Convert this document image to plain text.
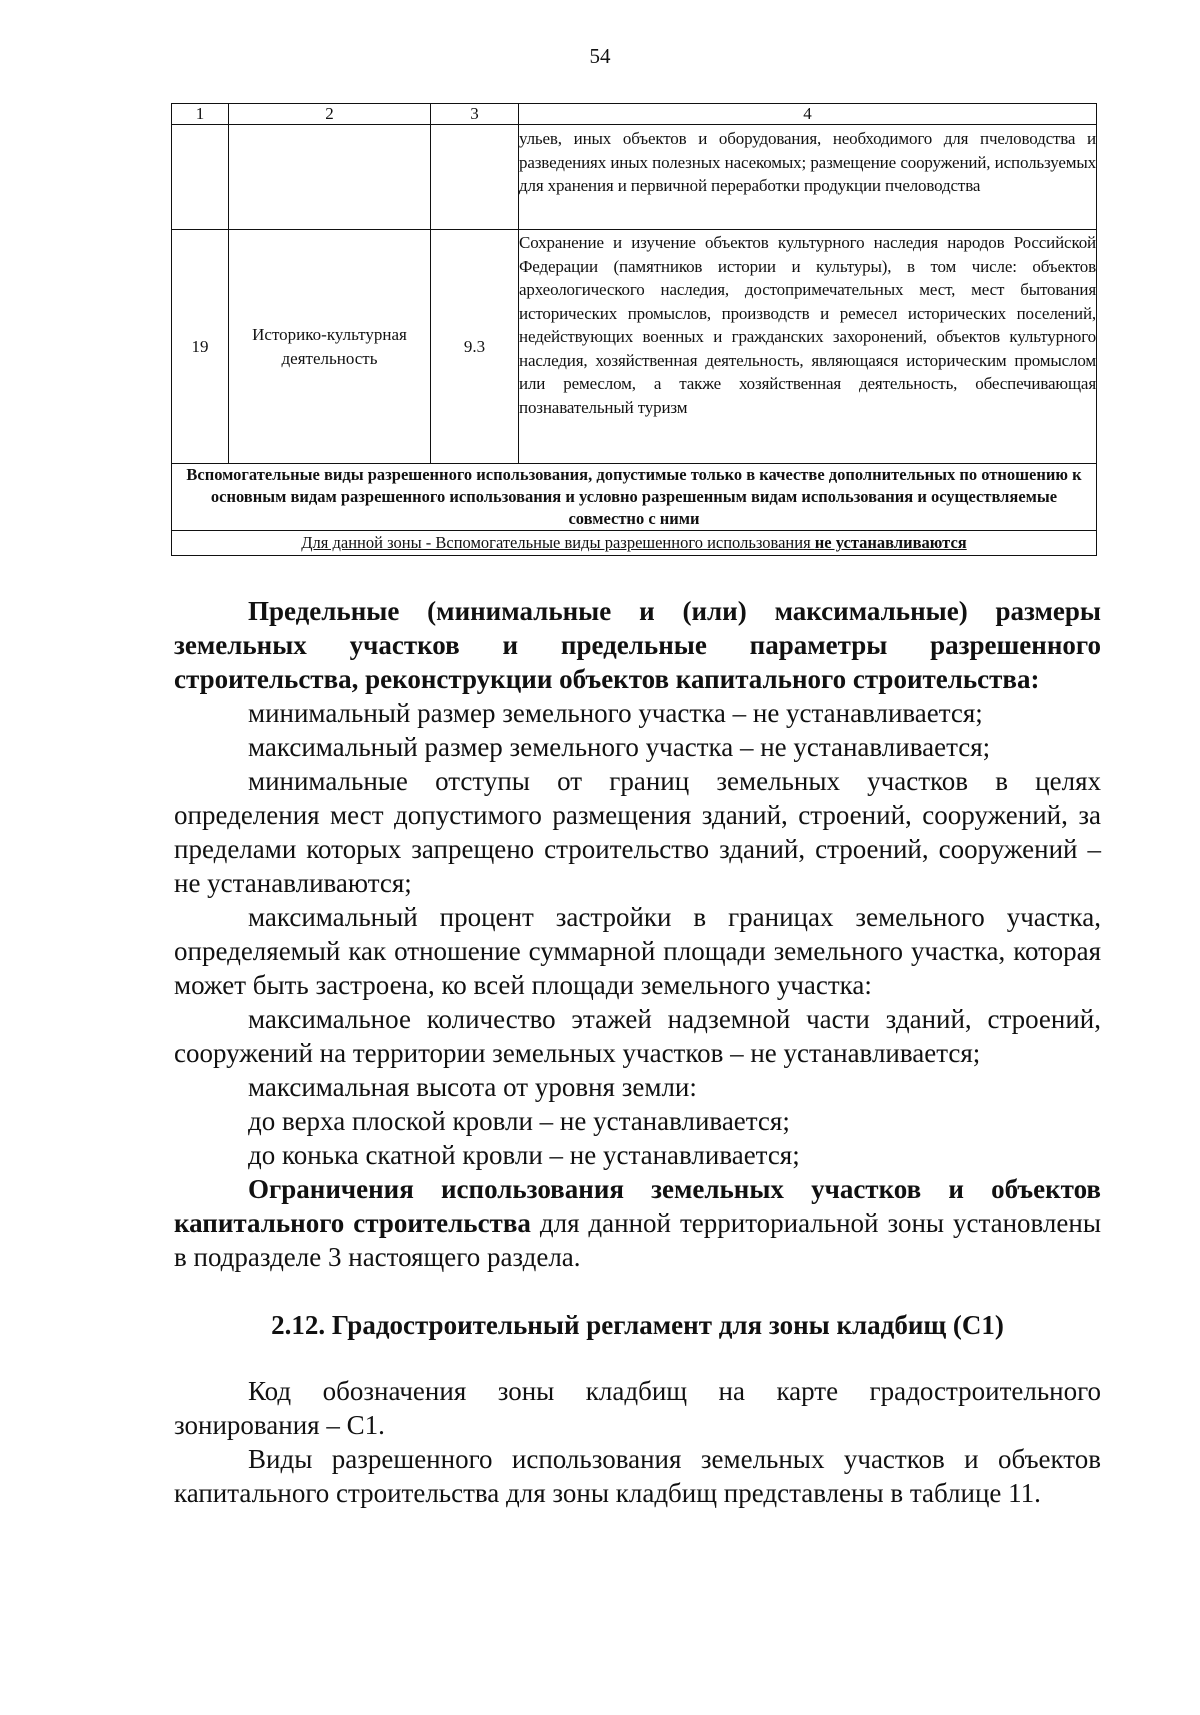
54
1	2	3	4
			ульев, иных объектов и оборудования, необходимого для пчеловодства и разведениях иных полезных насекомых; размещение сооружений, используемых для хранения и первичной переработки продукции пчеловодства
19	Историко-культурная деятельность	9.3	Сохранение и изучение объектов культурного наследия народов Российской Федерации (памятников истории и культуры), в том числе: объектов археологического наследия, достопримечательных мест, мест бытования исторических промыслов, производств и ремесел исторических поселений, недействующих военных и гражданских захоронений, объектов культурного наследия, хозяйственная деятельность, являющаяся историческим промыслом или ремеслом, а также хозяйственная деятельность, обеспечивающая познавательный туризм
Вспомогательные виды разрешенного использования, допустимые только в качестве дополнительных по отношению к основным видам разрешенного использования и условно разрешенным видам использования и осуществляемые совместно с ними			
Для данной зоны - Вспомогательные виды разрешенного использования не устанавливаются			

Предельные (минимальные и (или) максимальные) размеры земельных участков и предельные параметры разрешенного строительства, реконструкции объектов капитального строительства:

минимальный размер земельного участка – не устанавливается;

максимальный размер земельного участка – не устанавливается;

минимальные отступы от границ земельных участков в целях определения мест допустимого размещения зданий, строений, сооружений, за пределами которых запрещено строительство зданий, строений, сооружений – не устанавливаются;

максимальный процент застройки в границах земельного участка, определяемый как отношение суммарной площади земельного участка, которая может быть застроена, ко всей площади земельного участка:

максимальное количество этажей надземной части зданий, строений, сооружений на территории земельных участков – не устанавливается;

максимальная высота от уровня земли:

до верха плоской кровли – не устанавливается;

до конька скатной кровли – не устанавливается;

Ограничения использования земельных участков и объектов капитального строительства для данной территориальной зоны установлены в подразделе 3 настоящего раздела.

2.12. Градостроительный регламент для зоны кладбищ (С1)

Код обозначения зоны кладбищ на карте градостроительного зонирования – С1.

Виды разрешенного использования земельных участков и объектов капитального строительства для зоны кладбищ представлены в таблице 11.
